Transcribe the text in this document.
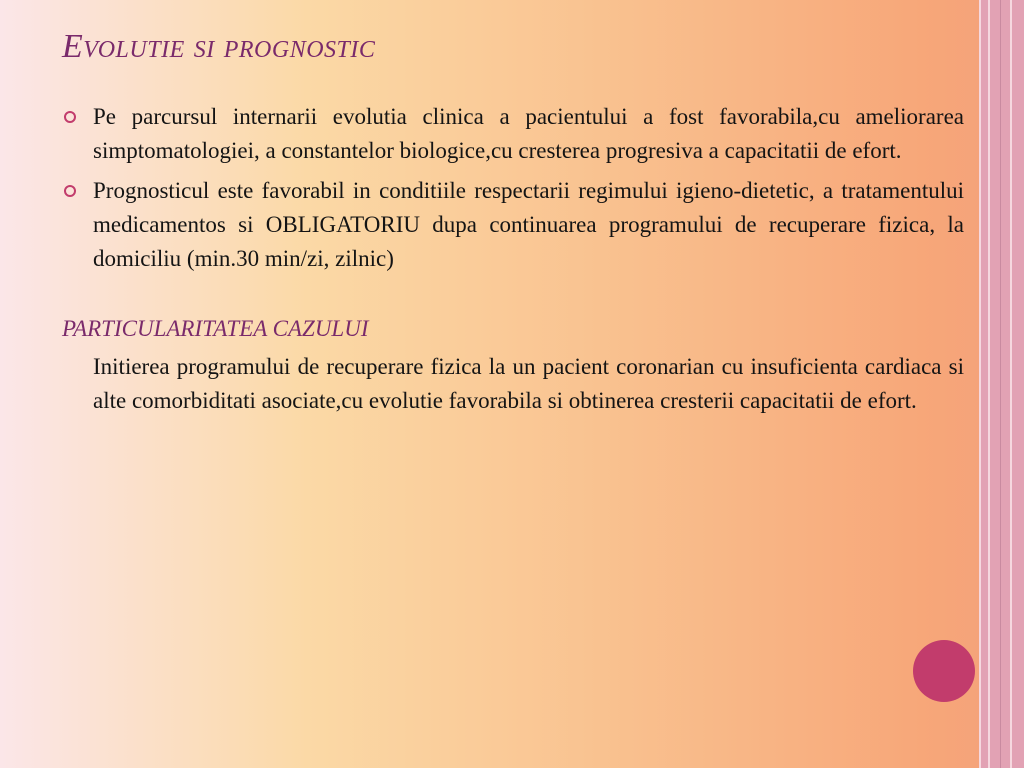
Evolutie si prognostic
Pe parcursul internarii evolutia clinica a pacientului a fost favorabila,cu ameliorarea simptomatologiei, a constantelor biologice,cu cresterea progresiva a capacitatii de efort.
Prognosticul este favorabil in conditiile respectarii regimului igieno-dietetic, a tratamentului medicamentos si OBLIGATORIU dupa continuarea programului de recuperare fizica, la domiciliu (min.30 min/zi, zilnic)
PARTICULARITATEA CAZULUI

Initierea programului de recuperare fizica la un pacient coronarian cu insuficienta cardiaca si alte comorbiditati asociate,cu evolutie favorabila si obtinerea cresterii capacitatii de efort.
